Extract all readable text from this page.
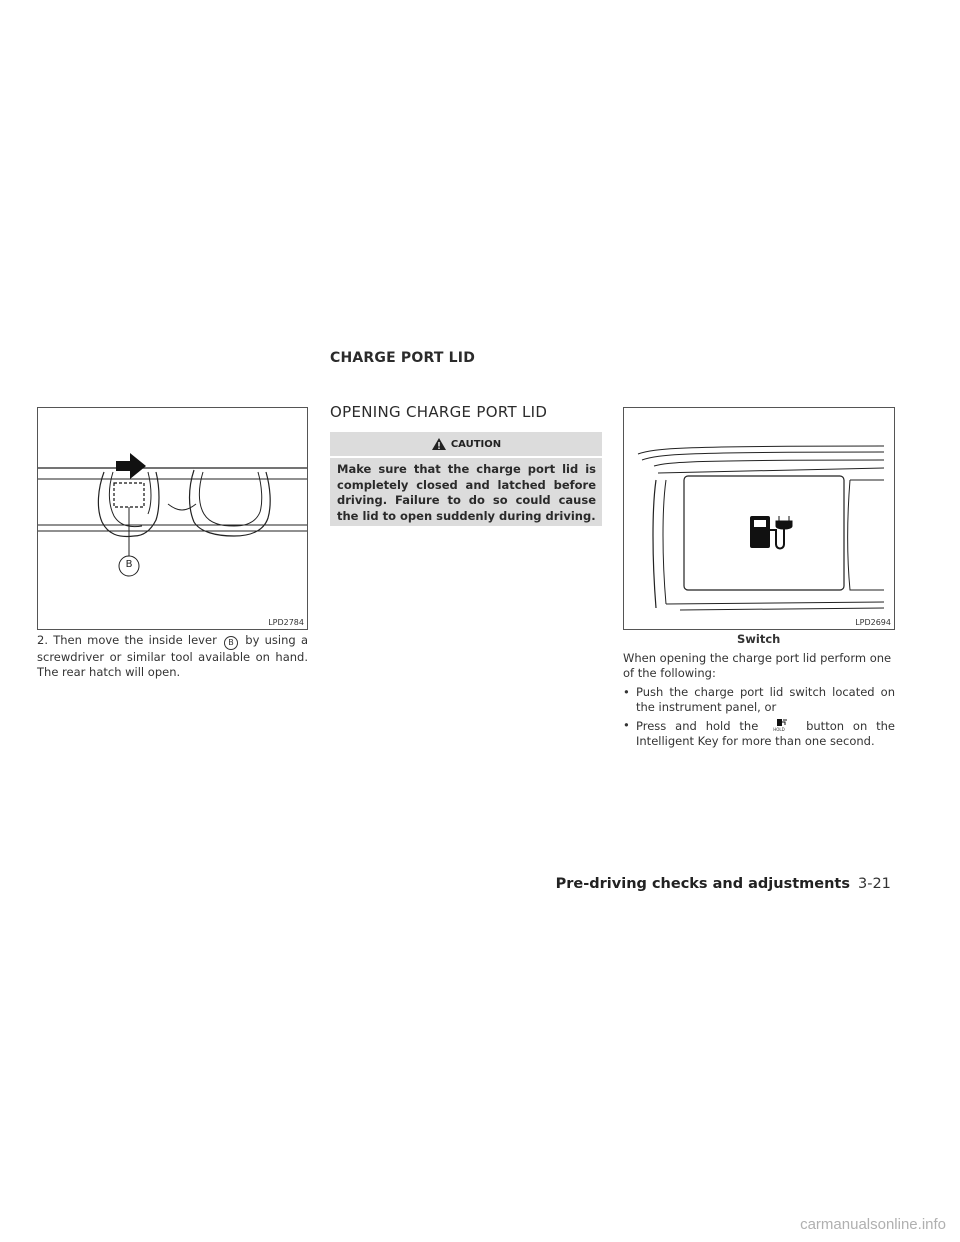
CHARGE PORT LID
B
LPD2784
2. Then move the inside lever B by using a screwdriver or similar tool available on hand. The rear hatch will open.
OPENING CHARGE PORT LID
CAUTION
Make sure that the charge port lid is completely closed and latched before driving. Failure to do so could cause the lid to open suddenly during driving.
LPD2694
Switch
When opening the charge port lid perform one of the following:
• Push the charge port lid switch located on the instrument panel, or
• Press and hold the	HOLD button on the Intelligent Key for more than one second.
Pre-driving checks and adjustments 3-21
carmanualsonline.info
